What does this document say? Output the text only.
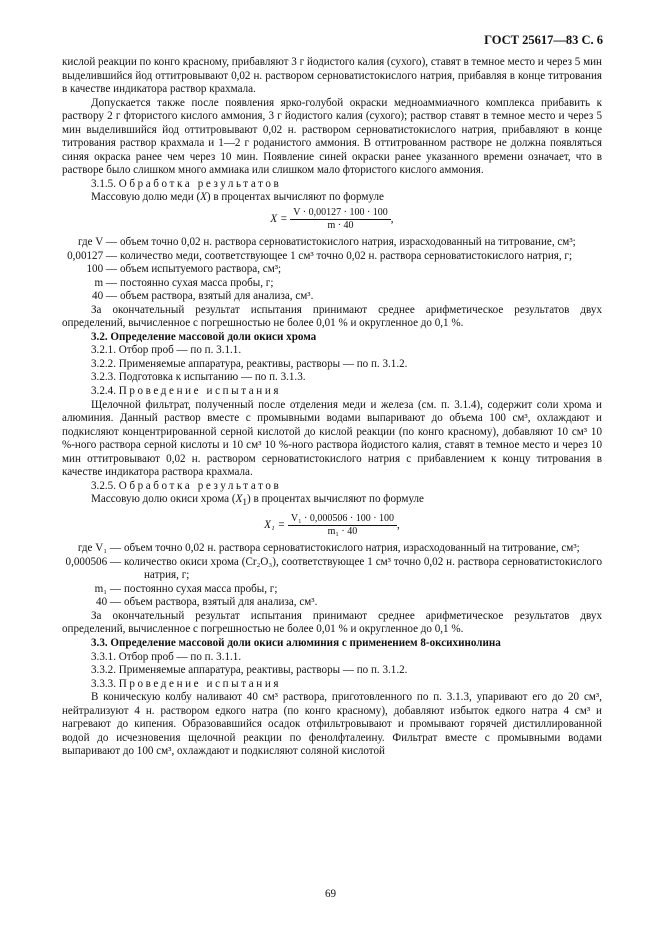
ГОСТ 25617—83 С. 6

кислой реакции по конго красному, прибавляют 3 г йодистого калия (сухого), ставят в темное место и через 5 мин выделившийся йод оттитровывают 0,02 н. раствором серноватистокислого натрия, прибавляя в конце титрования в качестве индикатора раствор крахмала.

Допускается также после появления ярко-голубой окраски медноаммиачного комплекса прибавить к раствору 2 г фтористого кислого аммония, 3 г йодистого калия (сухого); раствор ставят в темное место и через 5 мин выделившийся йод оттитровывают 0,02 н. раствором серноватистокислого натрия, прибавляют в конце титрования раствор крахмала и 1—2 г роданистого аммония. В оттитрованном растворе не должна появляться синяя окраска ранее чем через 10 мин. Появление синей окраски ранее указанного времени означает, что в растворе было слишком много аммиака или слишком мало фтористого кислого аммония.

3.1.5. Обработка результатов

Массовую долю меди (X) в процентах вычисляют по формуле

$X = \frac{V \cdot 0,00127 \cdot 100 \cdot 100}{m \cdot 40}$ ,
где V —	объем точно 0,02 н. раствора серноватистокислого натрия, израсходованный на титрование, см³;
0,00127 —	количество меди, соответствующее 1 см³ точно 0,02 н. раствора серноватистокислого натрия, г;
100 —	объем испытуемого раствора, см³;
m —	постоянно сухая масса пробы, г;
40 —	объем раствора, взятый для анализа, см³.

За окончательный результат испытания принимают среднее арифметическое результатов двух определений, вычисленное с погрешностью не более 0,01 % и округленное до 0,1 %.

3.2. Определение массовой доли окиси хрома

3.2.1. Отбор проб — по п. 3.1.1.

3.2.2. Применяемые аппаратура, реактивы, растворы — по п. 3.1.2.

3.2.3. Подготовка к испытанию — по п. 3.1.3.

3.2.4. Проведение испытания

Щелочной фильтрат, полученный после отделения меди и железа (см. п. 3.1.4), содержит соли хрома и алюминия. Данный раствор вместе с промывными водами выпаривают до объема 100 см³, охлаждают и подкисляют концентрированной серной кислотой до кислой реакции (по конго красному), добавляют 10 см³ 10 %-ного раствора серной кислоты и 10 см³ 10 %-ного раствора йодистого калия, ставят в темное место и через 10 мин оттитровывают 0,02 н. раствором серноватистокислого натрия с прибавлением к концу титрования в качестве индикатора раствора крахмала.

3.2.5. Обработка результатов

Массовую долю окиси хрома $(X_1)$ в процентах вычисляют по формуле

$X_1 = \frac{\text{V₁ · 0,000506 · 100 · 100}}{\text{m₁ · 40}}$ ,
где V₁ —	объем точно 0,02 н. раствора серноватистокислого натрия, израсходованный на титрование, см³;
0,000506 —	количество окиси хрома (Cr₂O₃), соответствующее 1 см³ точно 0,02 н. раствора серноватистокислого натрия, г;
m₁ —	постоянно сухая масса пробы, г;
40 —	объем раствора, взятый для анализа, см³.

За окончательный результат испытания принимают среднее арифметическое результатов двух определений, вычисленное с погрешностью не более 0,01 % и округленное до 0,1 %.

3.3. Определение массовой доли окиси алюминия с применением 8-оксихинолина

3.3.1. Отбор проб — по п. 3.1.1.

3.3.2. Применяемые аппаратура, реактивы, растворы — по п. 3.1.2.

3.3.3. Проведение испытания

В коническую колбу наливают 40 см³ раствора, приготовленного по п. 3.1.3, упаривают его до 20 см³, нейтрализуют 4 н. раствором едкого натра (по конго красному), добавляют избыток едкого натра 4 см³ и нагревают до кипения. Образовавшийся осадок отфильтровывают и промывают горячей дистиллированной водой до исчезновения щелочной реакции по фенолфталеину. Фильтрат вместе с промывными водами выпаривают до 100 см³, охлаждают и подкисляют соляной кислотой

69
